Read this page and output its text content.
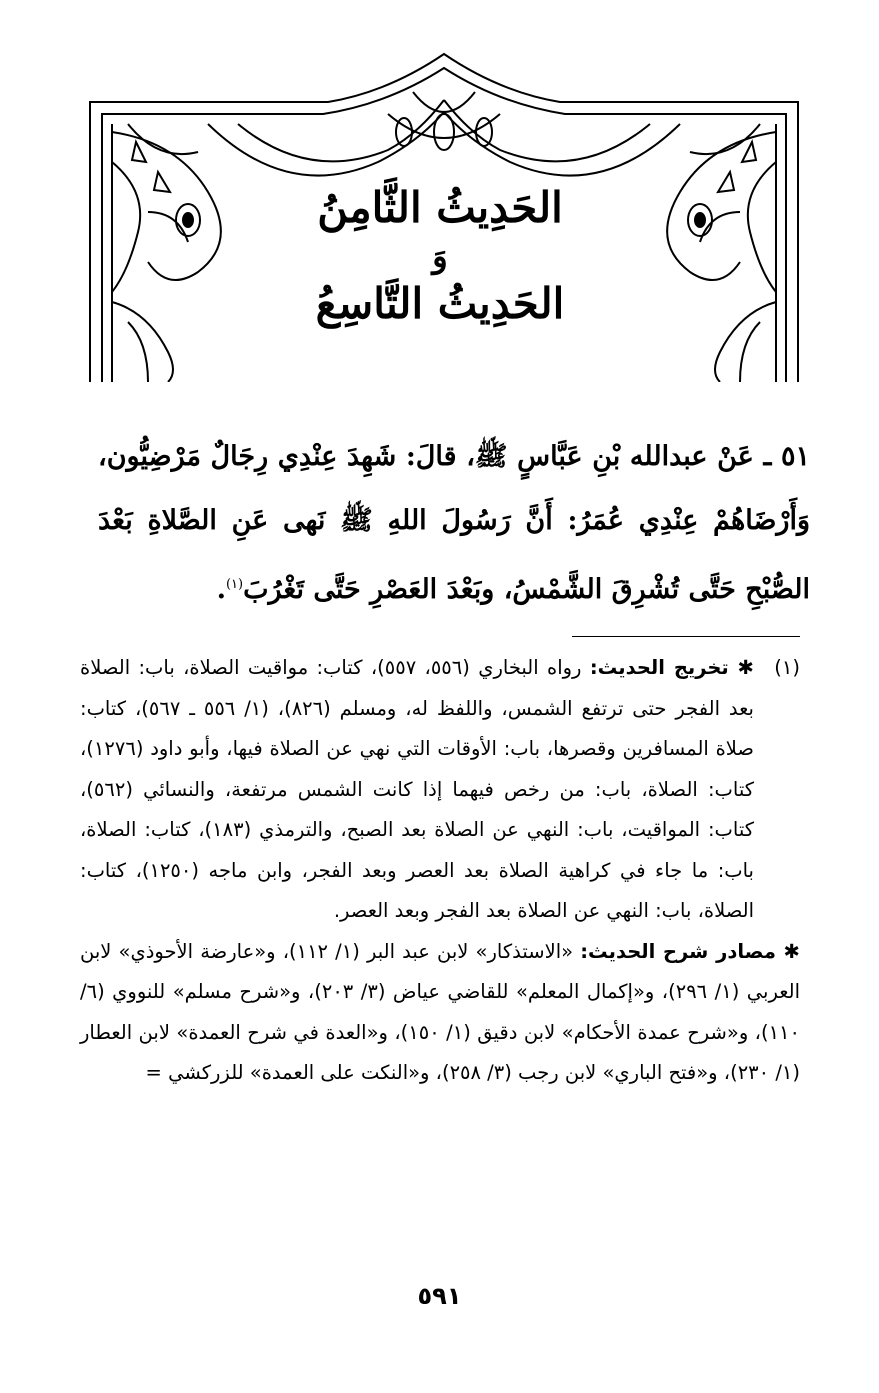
الحَدِيثُ الثَّامِنُ
وَ
الحَدِيثُ التَّاسِعُ
٥١ ـ عَنْ عبدالله بْنِ عَبَّاسٍ ﷺ، قالَ: شَهِدَ عِنْدِي رِجَالٌ مَرْضِيُّون، وَأَرْضَاهُمْ عِنْدِي عُمَرُ: أَنَّ رَسُولَ اللهِ ﷺ نَهى عَنِ الصَّلاةِ بَعْدَ الصُّبْحِ حَتَّى تُشْرِقَ الشَّمْسُ، وبَعْدَ العَصْرِ حَتَّى تَغْرُبَ$^{(١)}$.
(١)

✱ تخريج الحديث: رواه البخاري (٥٥٦، ٥٥٧)، كتاب: مواقيت الصلاة، باب: الصلاة بعد الفجر حتى ترتفع الشمس، واللفظ له، ومسلم (٨٢٦)، (١/ ٥٥٦ ـ ٥٦٧)، كتاب: صلاة المسافرين وقصرها، باب: الأوقات التي نهي عن الصلاة فيها، وأبو داود (١٢٧٦)، كتاب: الصلاة، باب: من رخص فيهما إذا كانت الشمس مرتفعة، والنسائي (٥٦٢)، كتاب: المواقيت، باب: النهي عن الصلاة بعد الصبح، والترمذي (١٨٣)، كتاب: الصلاة، باب: ما جاء في كراهية الصلاة بعد العصر وبعد الفجر، وابن ماجه (١٢٥٠)، كتاب: الصلاة، باب: النهي عن الصلاة بعد الفجر وبعد العصر.

✱ مصادر شرح الحديث: «الاستذكار» لابن عبد البر (١/ ١١٢)، و«عارضة الأحوذي» لابن العربي (١/ ٢٩٦)، و«إكمال المعلم» للقاضي عياض (٣/ ٢٠٣)، و«شرح مسلم» للنووي (٦/ ١١٠)، و«شرح عمدة الأحكام» لابن دقيق (١/ ١٥٠)، و«العدة في شرح العمدة» لابن العطار (١/ ٢٣٠)، و«فتح الباري» لابن رجب (٣/ ٢٥٨)، و«النكت على العمدة» للزركشي =

٥٩١
